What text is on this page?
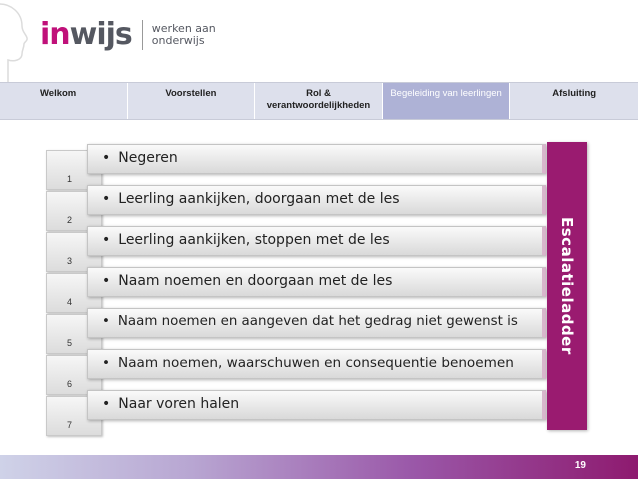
inwijs werken aan
onderwijs
Welkom	Voorstellen	Rol & verantwoordelijkheden
Begeleiding van leerlingen	Afsluiting
1
• Negeren
2
• Leerling aankijken, doorgaan met de les
3
• Leerling aankijken, stoppen met de les
4
• Naam noemen en doorgaan met de les
5
• Naam noemen en aangeven dat het gedrag niet gewenst is
6
• Naam noemen, waarschuwen en consequentie benoemen
7
• Naar voren halen
Escalatieladder
19
